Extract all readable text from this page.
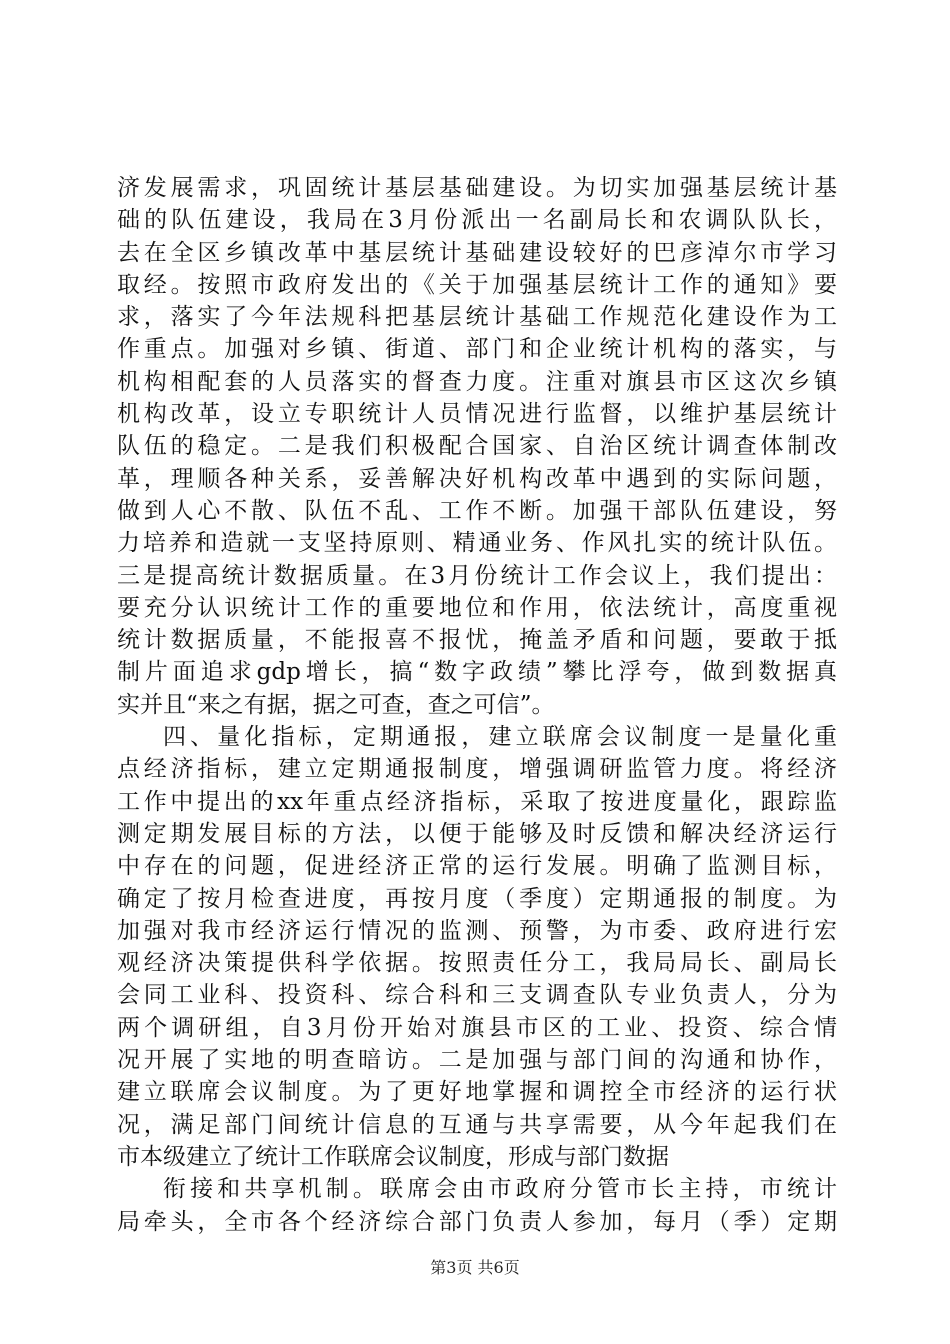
济发展需求，巩固统计基层基础建设。为切实加强基层统计基
础的队伍建设，我局在3月份派出一名副局长和农调队队长，
去在全区乡镇改革中基层统计基础建设较好的巴彦淖尔市学习
取经。按照市政府发出的《关于加强基层统计工作的通知》要
求，落实了今年法规科把基层统计基础工作规范化建设作为工
作重点。加强对乡镇、街道、部门和企业统计机构的落实，与
机构相配套的人员落实的督查力度。注重对旗县市区这次乡镇
机构改革，设立专职统计人员情况进行监督，以维护基层统计
队伍的稳定。二是我们积极配合国家、自治区统计调查体制改
革，理顺各种关系，妥善解决好机构改革中遇到的实际问题，
做到人心不散、队伍不乱、工作不断。加强干部队伍建设，努
力培养和造就一支坚持原则、精通业务、作风扎实的统计队伍。
三是提高统计数据质量。在3月份统计工作会议上，我们提出：
要充分认识统计工作的重要地位和作用，依法统计，高度重视
统计数据质量，不能报喜不报忧，掩盖矛盾和问题，要敢于抵
制片面追求gdp增长，搞“数字政绩”攀比浮夸，做到数据真
实并且“来之有据，据之可查，查之可信”。
四、量化指标，定期通报，建立联席会议制度一是量化重
点经济指标，建立定期通报制度，增强调研监管力度。将经济
工作中提出的xx年重点经济指标，采取了按进度量化，跟踪监
测定期发展目标的方法，以便于能够及时反馈和解决经济运行
中存在的问题，促进经济正常的运行发展。明确了监测目标，
确定了按月检查进度，再按月度（季度）定期通报的制度。为
加强对我市经济运行情况的监测、预警，为市委、政府进行宏
观经济决策提供科学依据。按照责任分工，我局局长、副局长
会同工业科、投资科、综合科和三支调查队专业负责人，分为
两个调研组，自3月份开始对旗县市区的工业、投资、综合情
况开展了实地的明查暗访。二是加强与部门间的沟通和协作，
建立联席会议制度。为了更好地掌握和调控全市经济的运行状
况，满足部门间统计信息的互通与共享需要，从今年起我们在
市本级建立了统计工作联席会议制度，形成与部门数据
衔接和共享机制。联席会由市政府分管市长主持，市统计
局牵头，全市各个经济综合部门负责人参加，每月（季）定期
第3页 共6页
